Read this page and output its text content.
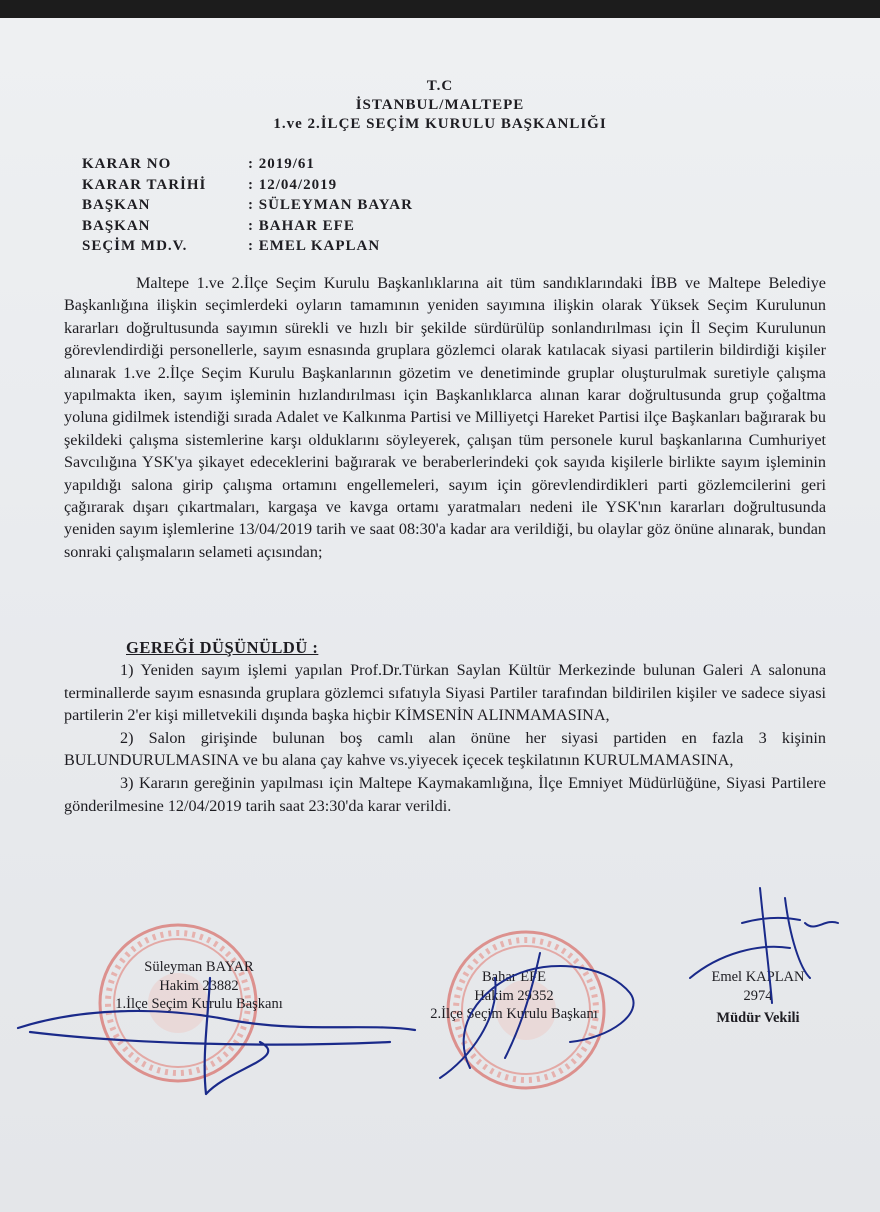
T.C
İSTANBUL/MALTEPE
1.ve 2.İLÇE SEÇİM KURULU BAŞKANLIĞI
KARAR NO	: 2019/61
KARAR TARİHİ	: 12/04/2019
BAŞKAN	: SÜLEYMAN BAYAR
BAŞKAN	: BAHAR EFE
SEÇİM MD.V.	: EMEL KAPLAN

Maltepe 1.ve 2.İlçe Seçim Kurulu Başkanlıklarına ait tüm sandıklarındaki İBB ve Maltepe Belediye Başkanlığına ilişkin seçimlerdeki oyların tamamının yeniden sayımına ilişkin olarak Yüksek Seçim Kurulunun kararları doğrultusunda sayımın sürekli ve hızlı bir şekilde sürdürülüp sonlandırılması için İl Seçim Kurulunun görevlendirdiği personellerle, sayım esnasında gruplara gözlemci olarak katılacak siyasi partilerin bildirdiği kişiler alınarak 1.ve 2.İlçe Seçim Kurulu Başkanlarının gözetim ve denetiminde gruplar oluşturulmak suretiyle çalışma yapılmakta iken, sayım işleminin hızlandırılması için Başkanlıklarca alınan karar doğrultusunda grup çoğaltma yoluna gidilmek istendiği sırada Adalet ve Kalkınma Partisi ve Milliyetçi Hareket Partisi ilçe Başkanları bağırarak bu şekildeki çalışma sistemlerine karşı olduklarını söyleyerek, çalışan tüm personele kurul başkanlarına Cumhuriyet Savcılığına YSK'ya şikayet edeceklerini bağırarak ve beraberlerindeki çok sayıda kişilerle birlikte sayım işleminin yapıldığı salona girip çalışma ortamını engellemeleri, sayım için görevlendirdikleri parti gözlemcilerini geri çağırarak dışarı çıkartmaları, kargaşa ve kavga ortamı yaratmaları nedeni ile YSK'nın kararları doğrultusunda yeniden sayım işlemlerine 13/04/2019 tarih ve saat 08:30'a kadar ara verildiği, bu olaylar göz önüne alınarak, bundan sonraki çalışmaların selameti açısından;

GEREĞİ DÜŞÜNÜLDÜ :

1) Yeniden sayım işlemi yapılan Prof.Dr.Türkan Saylan Kültür Merkezinde bulunan Galeri A salonuna terminallerde sayım esnasında gruplara gözlemci sıfatıyla Siyasi Partiler tarafından bildirilen kişiler ve sadece siyasi partilerin 2'er kişi milletvekili dışında başka hiçbir KİMSENİN ALINMAMASINA,

2) Salon girişinde bulunan boş camlı alan önüne her siyasi partiden en fazla 3 kişinin BULUNDURULMASINA ve bu alana çay kahve vs.yiyecek içecek teşkilatının KURULMAMASINA,

3) Kararın gereğinin yapılması için Maltepe Kaymakamlığına, İlçe Emniyet Müdürlüğüne, Siyasi Partilere gönderilmesine 12/04/2019 tarih saat 23:30'da karar verildi.

Süleyman BAYAR
Hakim 23882
1.İlçe Seçim Kurulu Başkanı
Bahar EFE
Hakim 29352
2.İlçe Seçim Kurulu Başkanı
Emel KAPLAN
2974
Müdür Vekili
